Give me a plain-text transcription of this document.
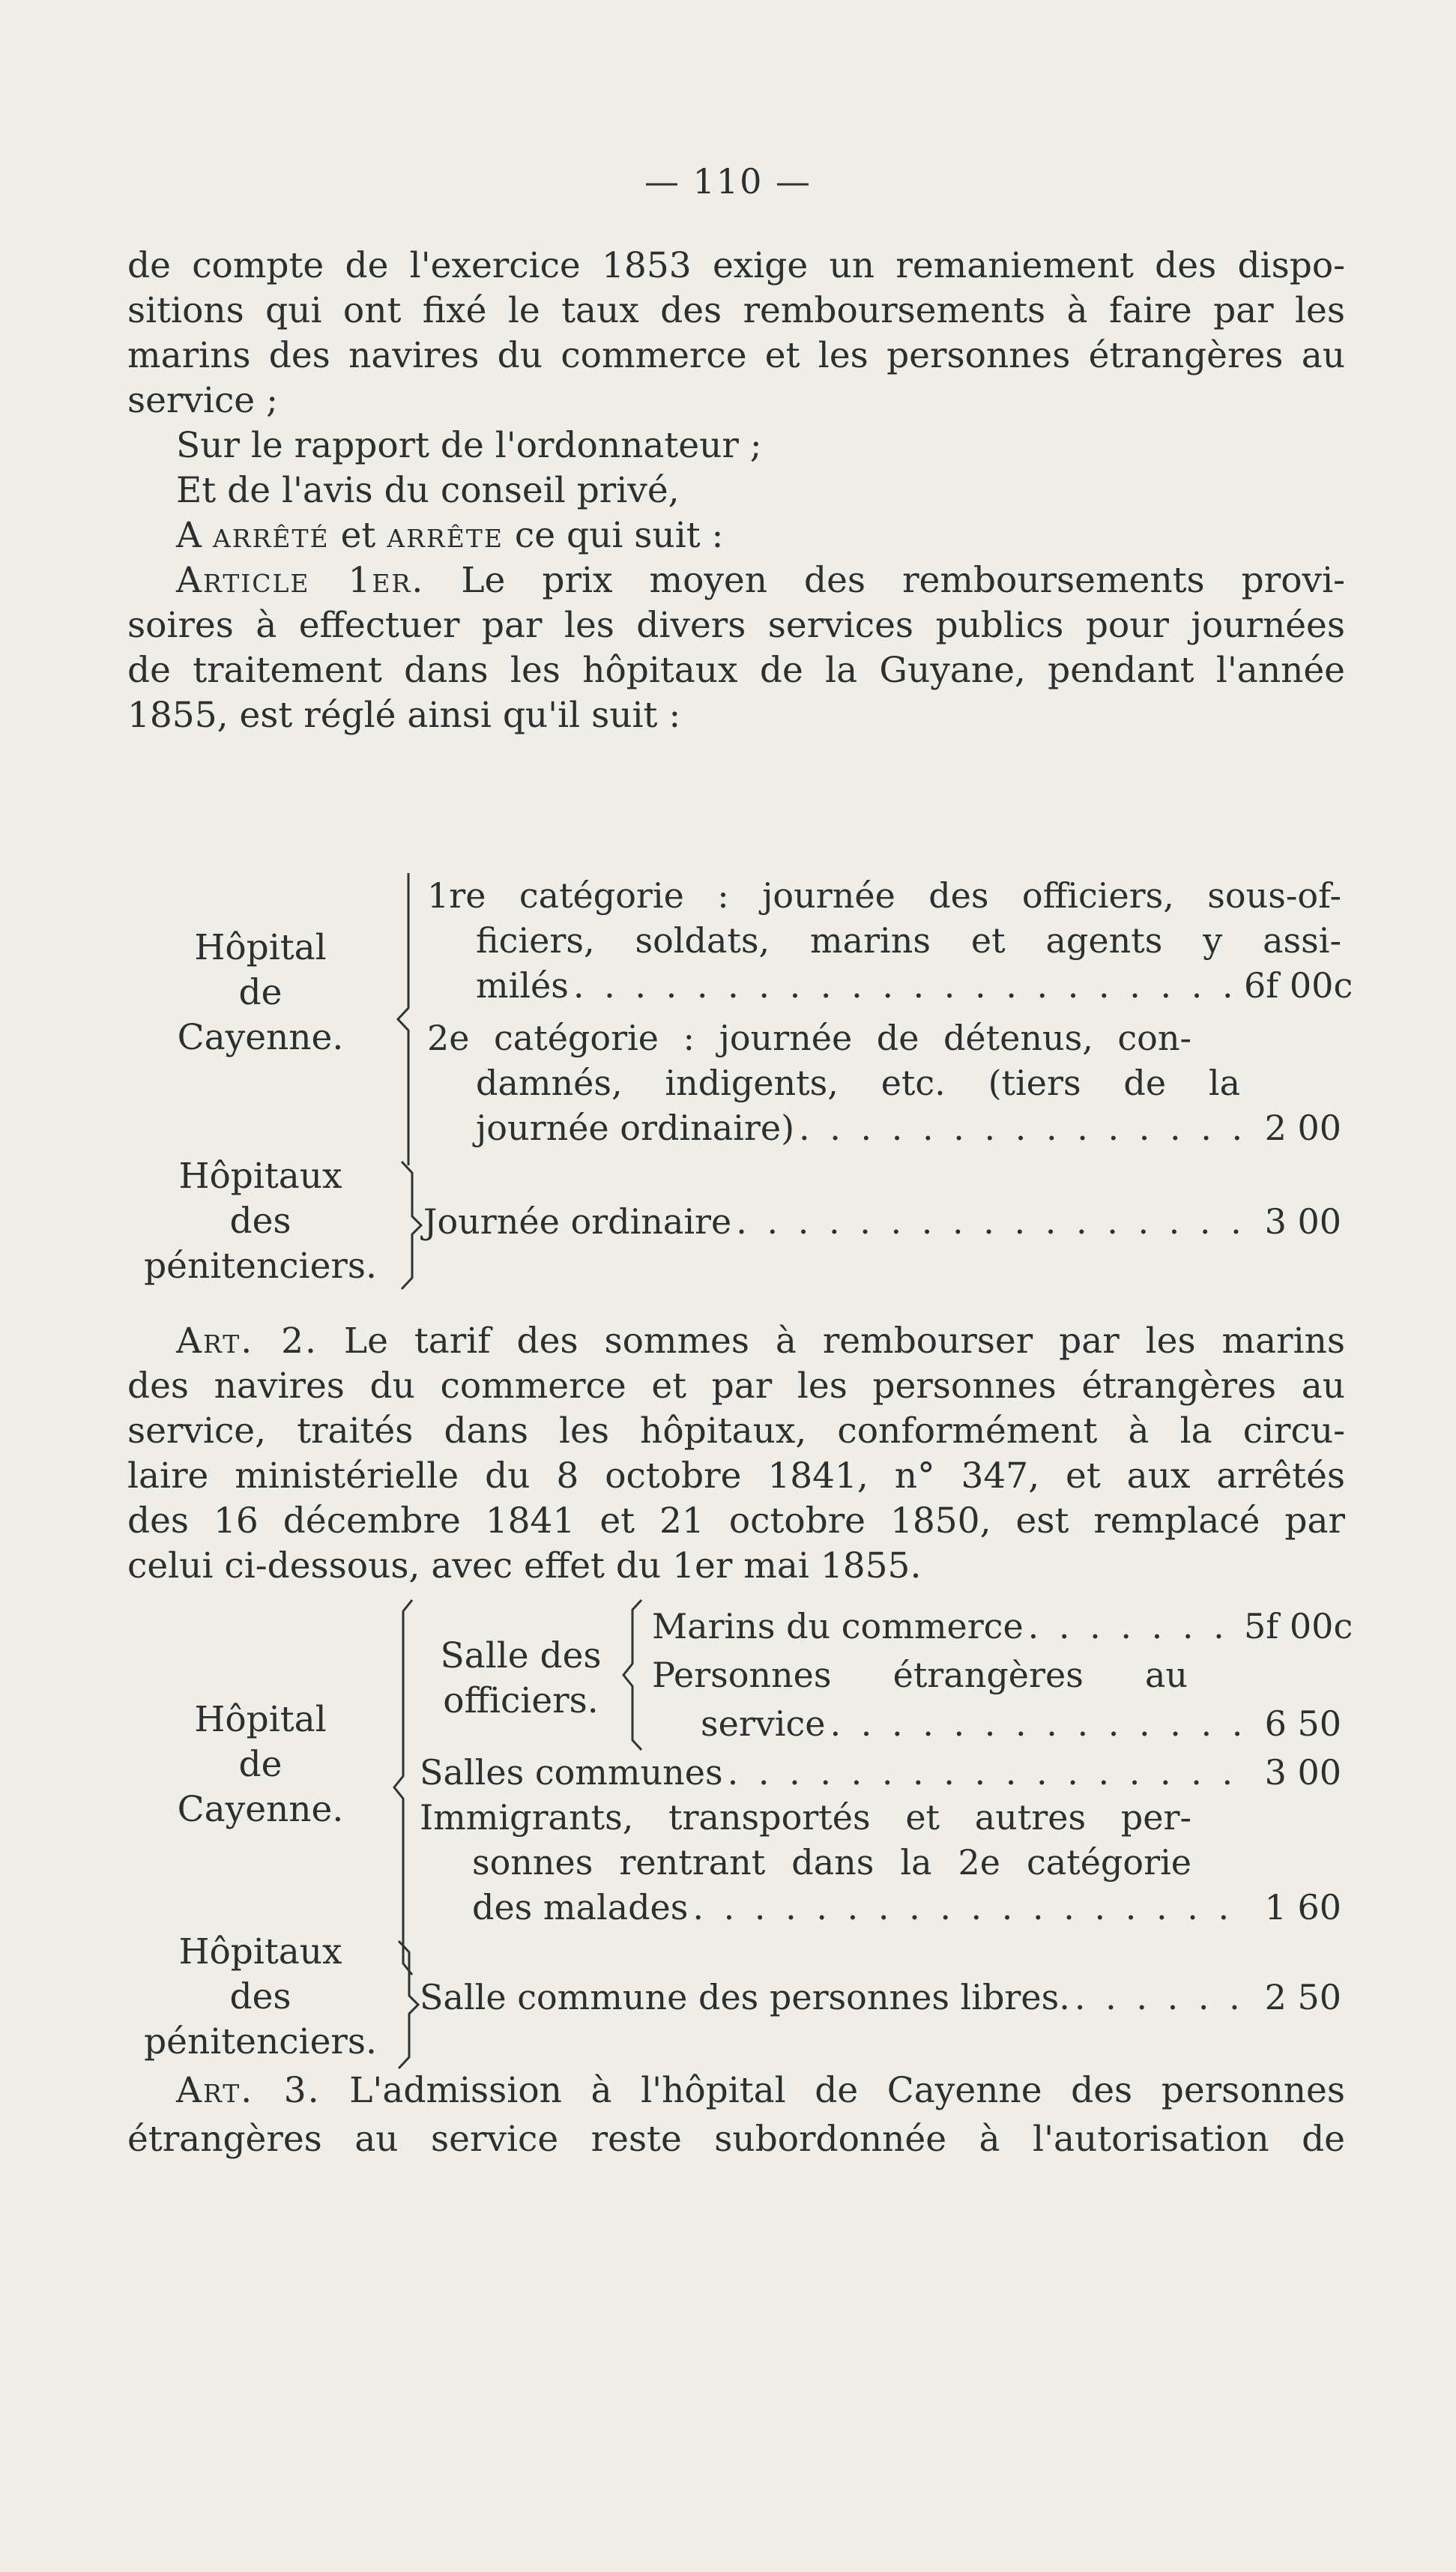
— 110 —
de compte de l'exercice 1853 exige un remaniement des dispo-
sitions qui ont fixé le taux des remboursements à faire par les
marins des navires du commerce et les personnes étrangères au
service ;
Sur le rapport de l'ordonnateur ;
Et de l'avis du conseil privé,
A arrêté et arrête ce qui suit :
Article 1er. Le prix moyen des remboursements provi-
soires à effectuer par les divers services publics pour journées
de traitement dans les hôpitaux de la Guyane, pendant l'année
1855, est réglé ainsi qu'il suit :
Hôpital
de
Cayenne.
1re catégorie : journée des officiers, sous-of-
ficiers, soldats, marins et agents y assi-
milés . . .	6f 00c
2e catégorie : journée de détenus, con-
damnés, indigents, etc. (tiers de la
journée ordinaire) . . .	2 00
Hôpitaux
des
pénitenciers.
Journée ordinaire . . .	3 00
Art. 2. Le tarif des sommes à rembourser par les marins
des navires du commerce et par les personnes étrangères au
service, traités dans les hôpitaux, conformément à la circu-
laire ministérielle du 8 octobre 1841, n° 347, et aux arrêtés
des 16 décembre 1841 et 21 octobre 1850, est remplacé par
celui ci-dessous, avec effet du 1er mai 1855.
Hôpital
de
Cayenne.
Salle des
officiers.
Marins du commerce . . .	5f 00c
Personnes étrangères au
service . . .	6 50
Salles communes . . .	3 00
Immigrants, transportés et autres per-
sonnes rentrant dans la 2e catégorie
des malades . . .	1 60
Hôpitaux
des
pénitenciers.
Salle commune des personnes libres. . . .	2 50
Art. 3. L'admission à l'hôpital de Cayenne des personnes
étrangères au service reste subordonnée à l'autorisation de
